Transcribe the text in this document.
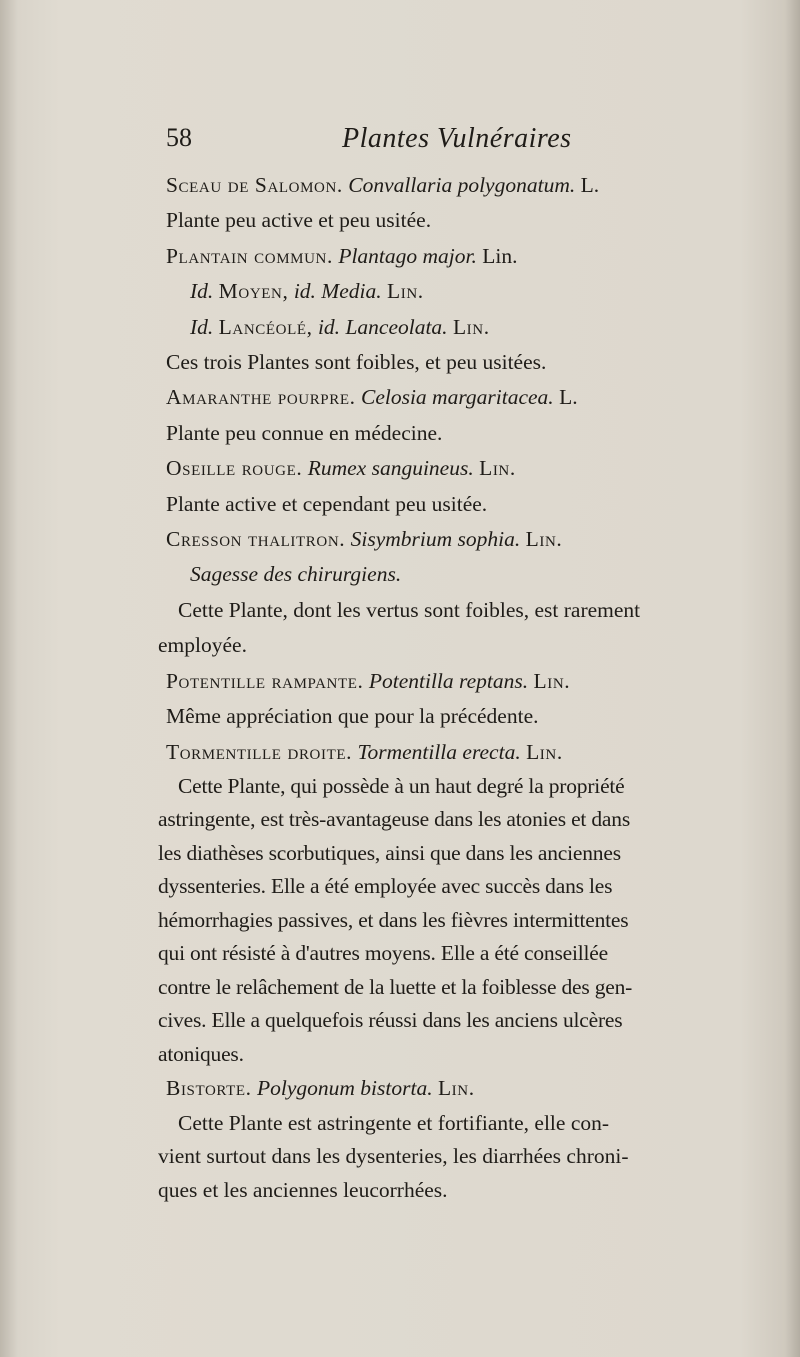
58	Plantes Vulnéraires

Sceau de Salomon. Convallaria polygonatum. L.

Plante peu active et peu usitée.

Plantain commun. Plantago major. Lin.

Id. Moyen, id. Media. Lin.

Id. Lancéolé, id. Lanceolata. Lin.

Ces trois Plantes sont foibles, et peu usitées.

Amaranthe pourpre. Celosia margaritacea. L.

Plante peu connue en médecine.

Oseille rouge. Rumex sanguineus. Lin.

Plante active et cependant peu usitée.

Cresson thalitron. Sisymbrium sophia. Lin.

Sagesse des chirurgiens.

Cette Plante, dont les vertus sont foibles, est rarement
employée.

Potentille rampante. Potentilla reptans. Lin.

Même appréciation que pour la précédente.

Tormentille droite. Tormentilla erecta. Lin.

Cette Plante, qui possède à un haut degré la propriété
astringente, est très-avantageuse dans les atonies et dans
les diathèses scorbutiques, ainsi que dans les anciennes
dyssenteries. Elle a été employée avec succès dans les
hémorrhagies passives, et dans les fièvres intermittentes
qui ont résisté à d'autres moyens. Elle a été conseillée
contre le relâchement de la luette et la foiblesse des gen-
cives. Elle a quelquefois réussi dans les anciens ulcères
atoniques.

Bistorte. Polygonum bistorta. Lin.

Cette Plante est astringente et fortifiante, elle con-
vient surtout dans les dysenteries, les diarrhées chroni-
ques et les anciennes leucorrhées.
